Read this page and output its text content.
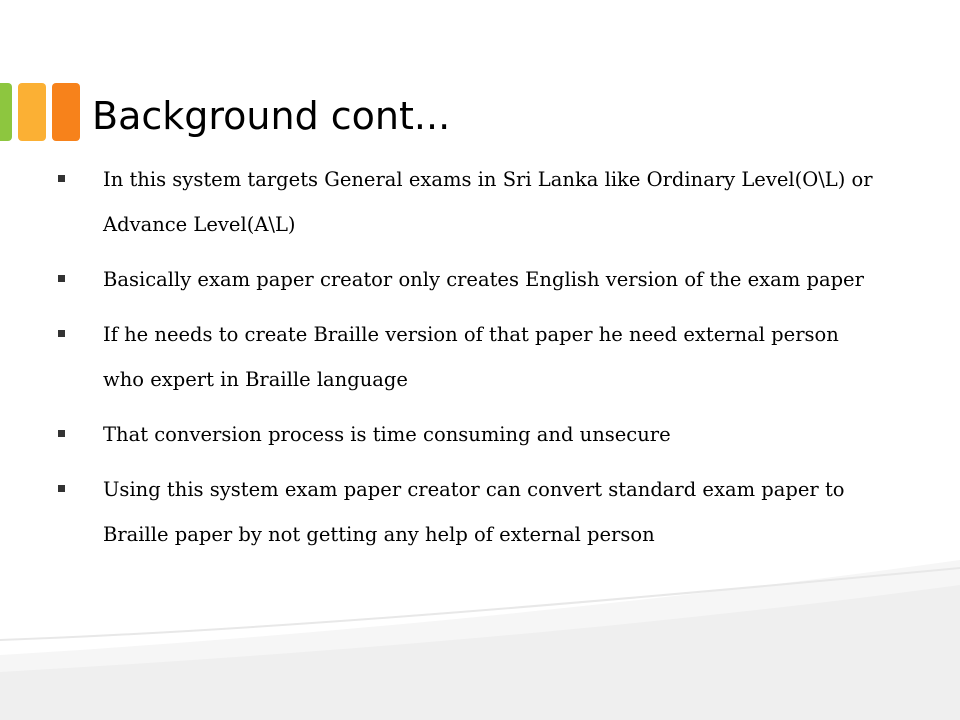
Background cont...
In this system targets General exams in Sri Lanka like Ordinary Level(O\L) or Advance Level(A\L)
Basically exam paper creator only creates English version of the exam paper
If he needs to create Braille version of that paper he need external person who expert in Braille language
That conversion process is time consuming and unsecure
Using this system exam paper creator can convert standard exam paper to Braille paper by not getting any help of external person
